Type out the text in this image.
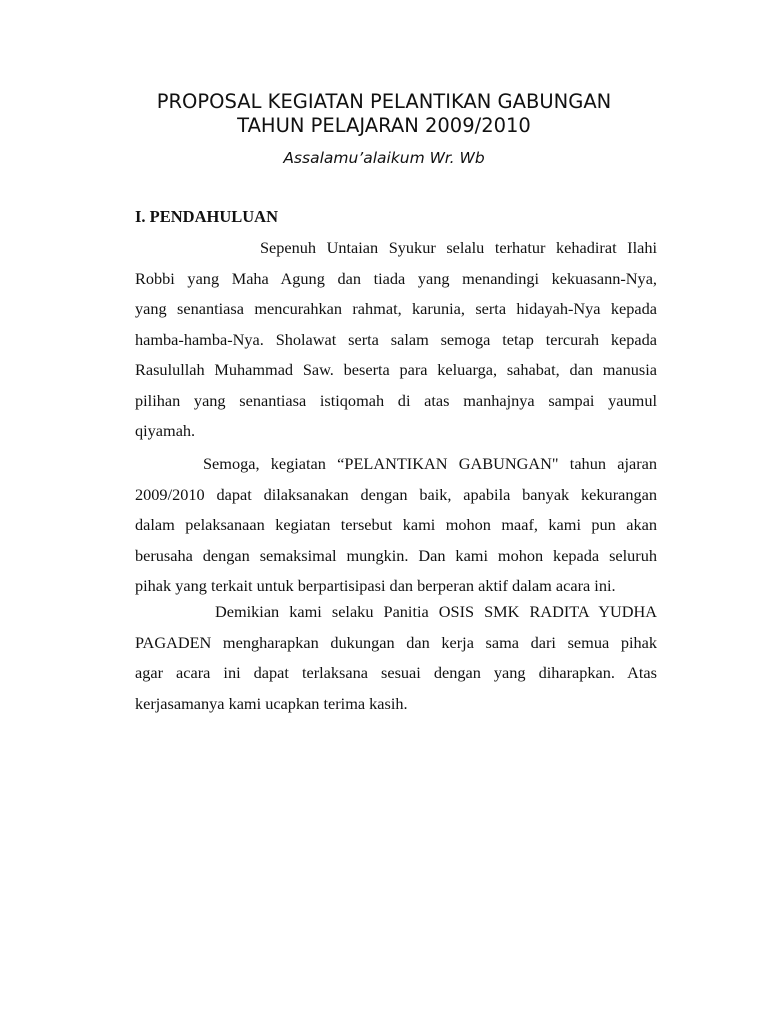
PROPOSAL KEGIATAN PELANTIKAN GABUNGAN
TAHUN PELAJARAN 2009/2010
Assalamu’alaikum Wr. Wb
I. PENDAHULUAN

Sepenuh Untaian Syukur selalu terhatur kehadirat Ilahi
Robbi yang Maha Agung dan tiada yang menandingi kekuasann-Nya,
yang senantiasa mencurahkan rahmat, karunia, serta hidayah-Nya kepada
hamba-hamba-Nya. Sholawat serta salam semoga tetap tercurah kepada
Rasulullah Muhammad Saw. beserta para keluarga, sahabat, dan manusia
pilihan yang senantiasa istiqomah di atas manhajnya sampai yaumul
qiyamah.

Semoga, kegiatan “PELANTIKAN GABUNGAN" tahun ajaran
2009/2010 dapat dilaksanakan dengan baik, apabila banyak kekurangan
dalam pelaksanaan kegiatan tersebut kami mohon maaf, kami pun akan
berusaha dengan semaksimal mungkin. Dan kami mohon kepada seluruh
pihak yang terkait untuk berpartisipasi dan berperan aktif dalam acara ini.

Demikian kami selaku Panitia OSIS SMK RADITA YUDHA
PAGADEN mengharapkan dukungan dan kerja sama dari semua pihak
agar acara ini dapat terlaksana sesuai dengan yang diharapkan. Atas
kerjasamanya kami ucapkan terima kasih.
